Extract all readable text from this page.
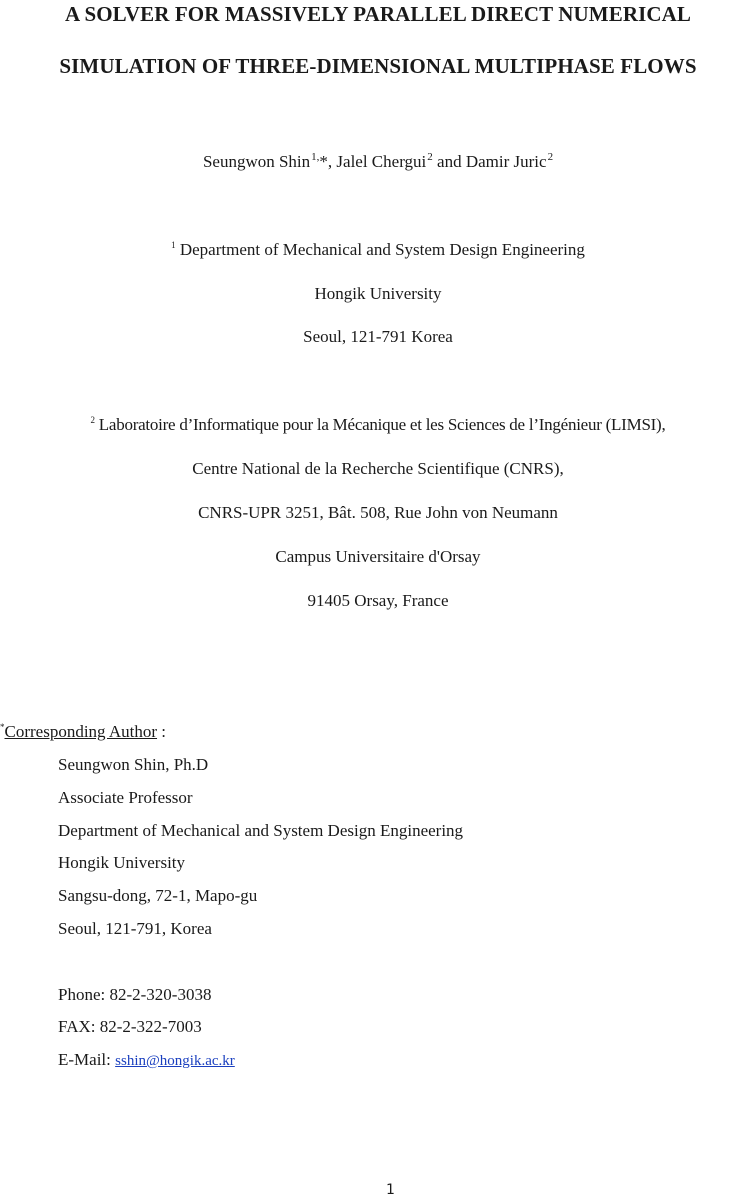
A SOLVER FOR MASSIVELY PARALLEL DIRECT NUMERICAL
SIMULATION OF THREE-DIMENSIONAL MULTIPHASE FLOWS
Seungwon Shin$^{1,}$*, Jalel Chergui$^2$ and Damir Juric$^2$
$^1$ Department of Mechanical and System Design Engineering
Hongik University
Seoul, 121-791 Korea
$^2$ Laboratoire d’Informatique pour la Mécanique et les Sciences de l’Ingénieur (LIMSI),
Centre National de la Recherche Scientifique (CNRS),
CNRS-UPR 3251, Bât. 508, Rue John von Neumann
Campus Universitaire d'Orsay
91405 Orsay, France
*Corresponding Author :
Seungwon Shin, Ph.D
Associate Professor
Department of Mechanical and System Design Engineering
Hongik University
Sangsu-dong, 72-1, Mapo-gu
Seoul, 121-791, Korea
Phone: 82-2-320-3038
FAX: 82-2-322-7003
E-Mail: sshin@hongik.ac.kr
1
